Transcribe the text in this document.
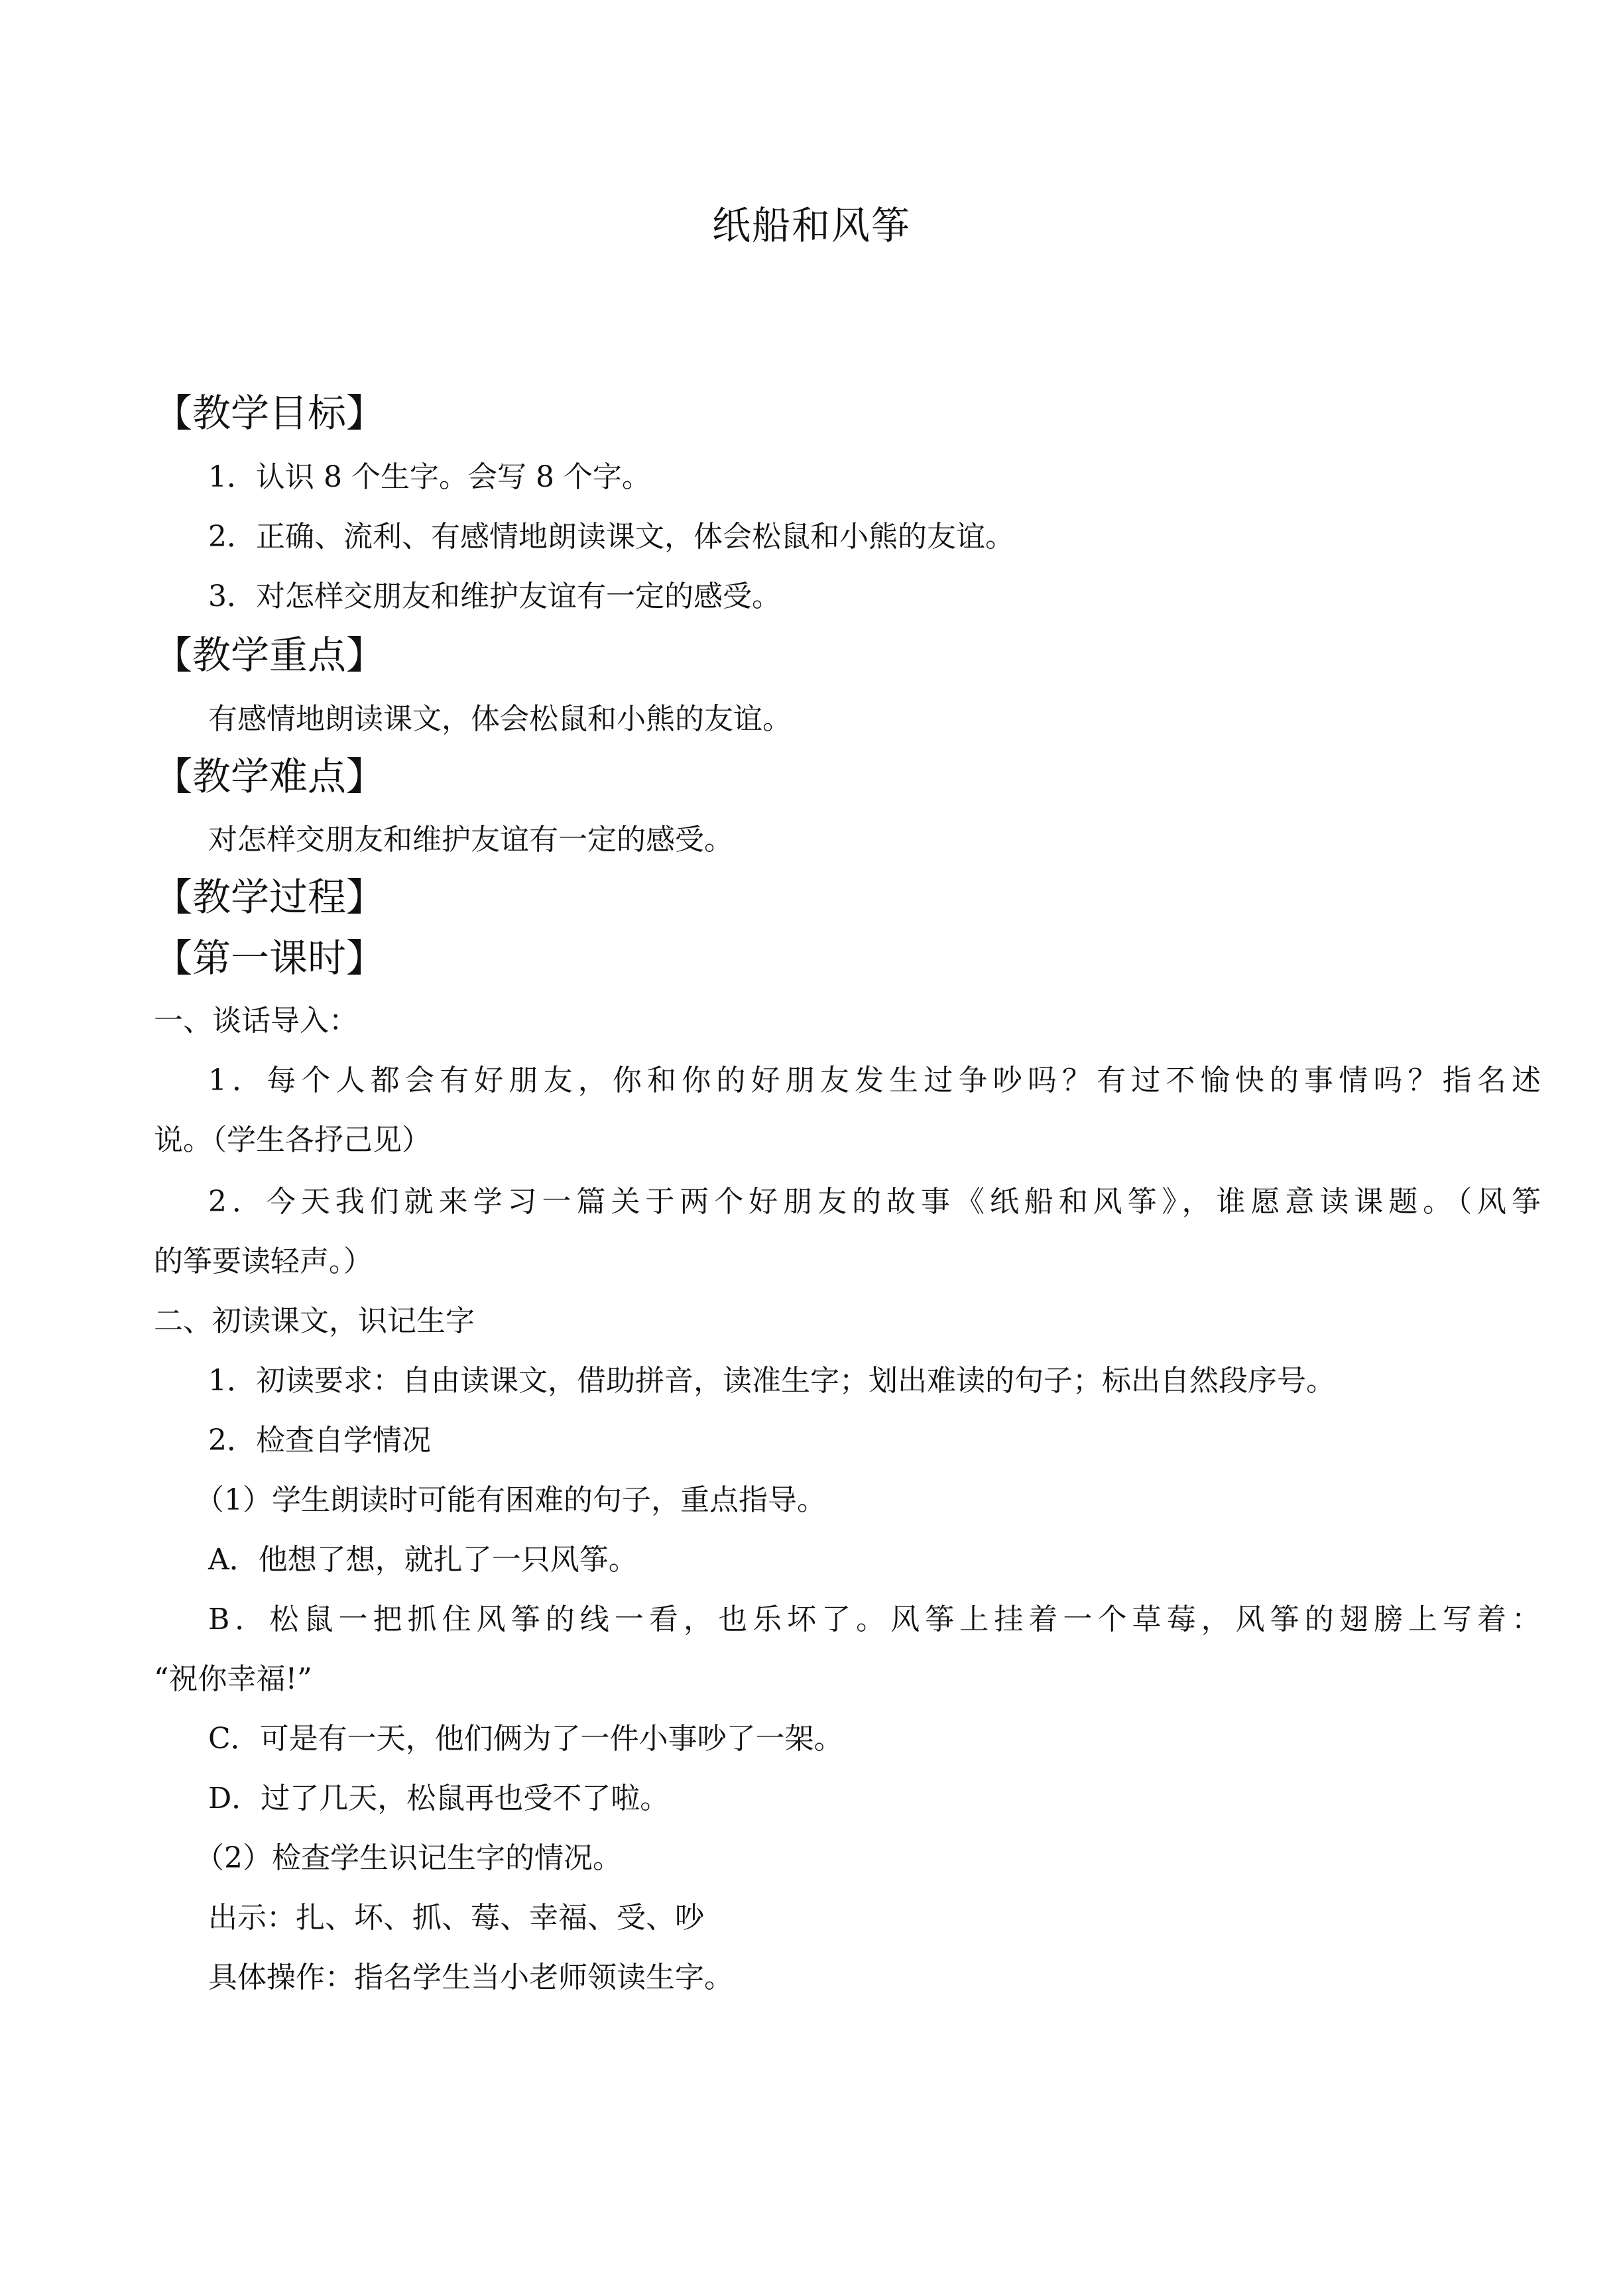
纸船和风筝
【教学目标】
1．认识 8 个生字。会写 8 个字。
2．正确、流利、有感情地朗读课文，体会松鼠和小熊的友谊。
3．对怎样交朋友和维护友谊有一定的感受。
【教学重点】
有感情地朗读课文，体会松鼠和小熊的友谊。
【教学难点】
对怎样交朋友和维护友谊有一定的感受。
【教学过程】
【第一课时】
一、谈话导入：
1．每个人都会有好朋友，你和你的好朋友发生过争吵吗？有过不愉快的事情吗？指名述
说。（学生各抒己见）
2．今天我们就来学习一篇关于两个好朋友的故事《纸船和风筝》，谁愿意读课题。（风筝
的筝要读轻声。）
二、初读课文，识记生字
1．初读要求：自由读课文，借助拼音，读准生字；划出难读的句子；标出自然段序号。
2．检查自学情况
（1）学生朗读时可能有困难的句子，重点指导。
A．他想了想，就扎了一只风筝。
B．松鼠一把抓住风筝的线一看，也乐坏了。风筝上挂着一个草莓，风筝的翅膀上写着：
“祝你幸福!”
C．可是有一天，他们俩为了一件小事吵了一架。
D．过了几天，松鼠再也受不了啦。
（2）检查学生识记生字的情况。
出示：扎、坏、抓、莓、幸福、受、吵
具体操作：指名学生当小老师领读生字。
